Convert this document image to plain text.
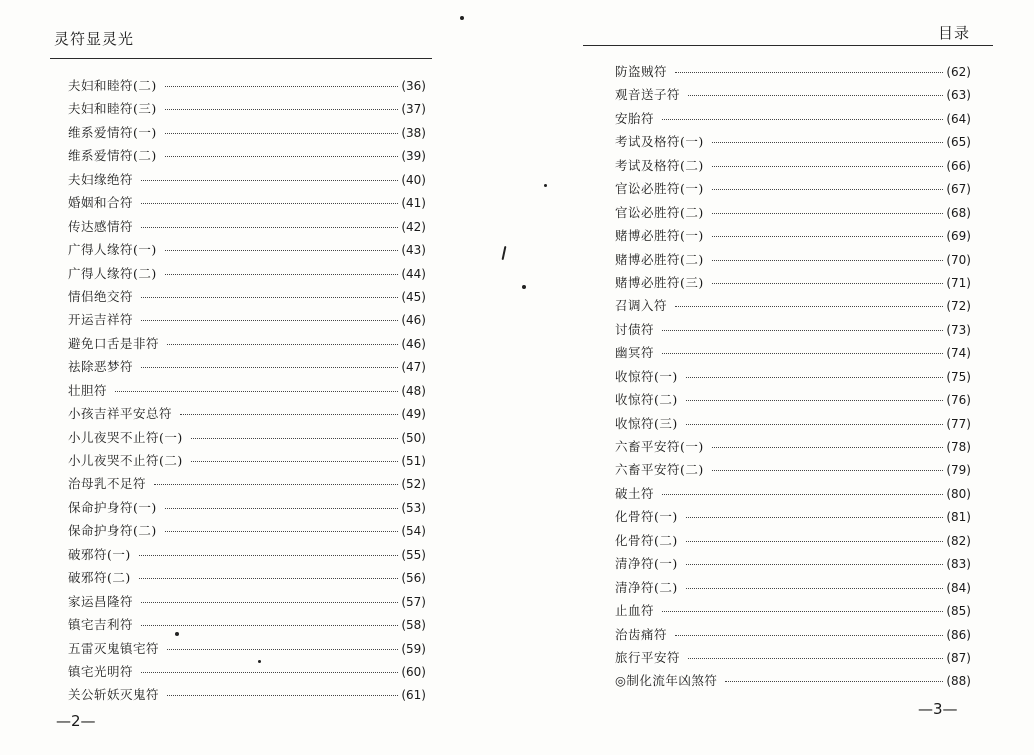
灵符显灵光
夫妇和睦符(二)	(36)
夫妇和睦符(三)	(37)
维系爱情符(一)	(38)
维系爱情符(二)	(39)
夫妇缘绝符	(40)
婚姻和合符	(41)
传达感情符	(42)
广得人缘符(一)	(43)
广得人缘符(二)	(44)
情侣绝交符	(45)
开运吉祥符	(46)
避免口舌是非符	(46)
祛除恶梦符	(47)
壮胆符	(48)
小孩吉祥平安总符	(49)
小儿夜哭不止符(一)	(50)
小儿夜哭不止符(二)	(51)
治母乳不足符	(52)
保命护身符(一)	(53)
保命护身符(二)	(54)
破邪符(一)	(55)
破邪符(二)	(56)
家运昌隆符	(57)
镇宅吉利符	(58)
五雷灭鬼镇宅符	(59)
镇宅光明符	(60)
关公斩妖灭鬼符	(61)
—2—
目录
防盗贼符	(62)
观音送子符	(63)
安胎符	(64)
考试及格符(一)	(65)
考试及格符(二)	(66)
官讼必胜符(一)	(67)
官讼必胜符(二)	(68)
赌博必胜符(一)	(69)
赌博必胜符(二)	(70)
赌博必胜符(三)	(71)
召调入符	(72)
讨债符	(73)
幽冥符	(74)
收惊符(一)	(75)
收惊符(二)	(76)
收惊符(三)	(77)
六畜平安符(一)	(78)
六畜平安符(二)	(79)
破土符	(80)
化骨符(一)	(81)
化骨符(二)	(82)
清净符(一)	(83)
清净符(二)	(84)
止血符	(85)
治齿痛符	(86)
旅行平安符	(87)
◎制化流年凶煞符	(88)
—3—
